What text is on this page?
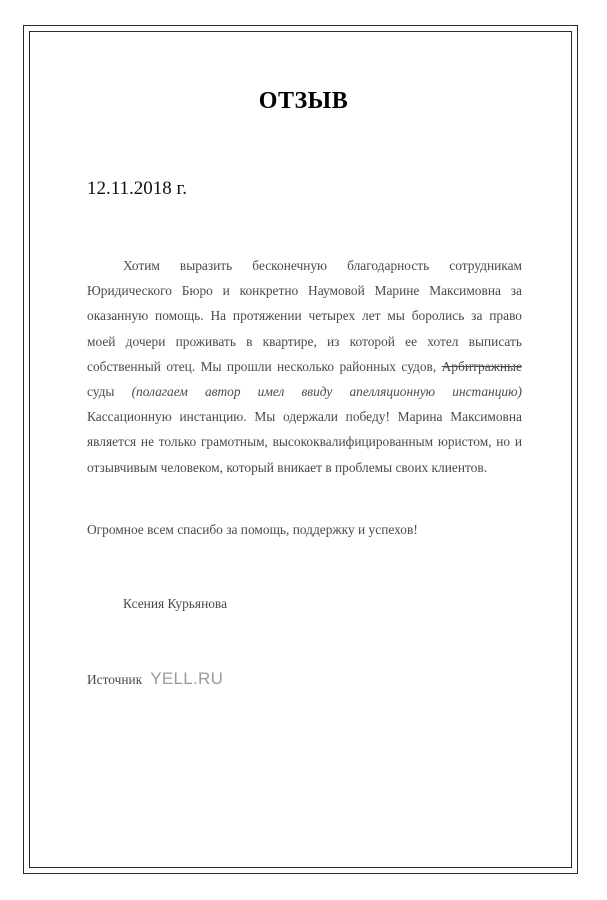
ОТЗЫВ
12.11.2018 г.

Хотим выразить бесконечную благодарность сотрудникам Юридического Бюро и конкретно Наумовой Марине Максимовна за оказанную помощь. На протяжении четырех лет мы боролись за право моей дочери проживать в квартире, из которой ее хотел выписать собственный отец. Мы прошли несколько районных судов, Арбитражные суды (полагаем автор имел ввиду апелляционную инстанцию) Кассационную инстанцию. Мы одержали победу! Марина Максимовна является не только грамотным, высококвалифицированным юристом, но и отзывчивым человеком, который вникает в проблемы своих клиентов.

Огромное всем спасибо за помощь, поддержку и успехов!
Ксения Курьянова
Источник YELL.RU
